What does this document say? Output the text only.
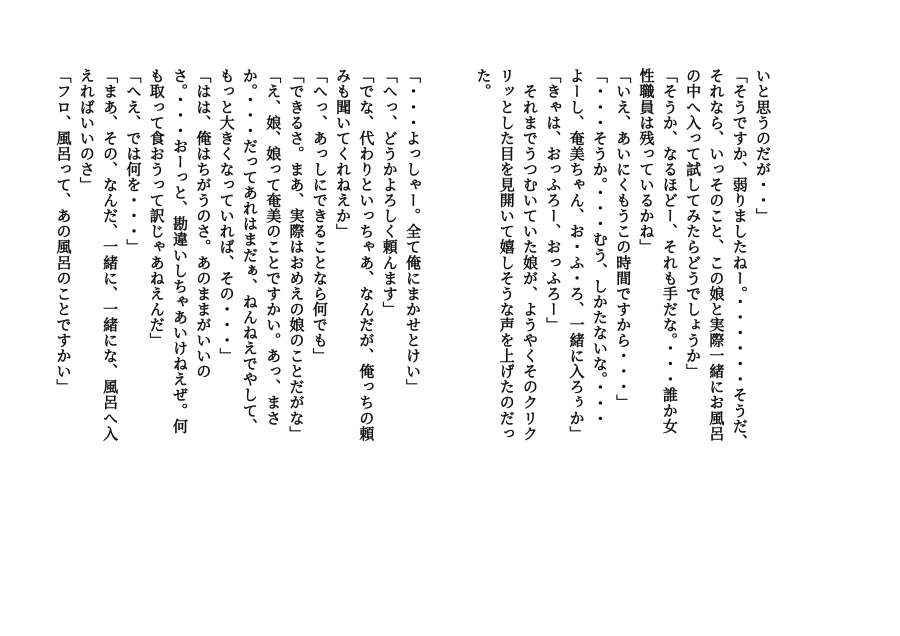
いと思うのだが・・」
「そうですか、弱りましたねー。・・・・・・そうだ、
それなら、いっそのこと、この娘と実際一緒にお風呂
の中へ入って試してみたらどうでしょうか」
「そうか、なるほどー、それも手だな。・・・誰か女
性職員は残っているかね」
「いえ、あいにくもうこの時間ですから・・・」
「・・・そうか。・・・むう、しかたないな。・・・
よーし、奄美ちゃん、お・ふ・ろ、一緒に入ろぅか」
「きゃは、おっふろー、おっふろー」
　それまでうつむいていた娘が、ようやくそのクリク
リッとした目を見開いて嬉しそうな声を上げたのだっ
た。
「・・・よっしゃー。全て俺にまかせとけい」
「へっ、どうかよろしく頼んます」
「でな、代わりといっちゃあ、なんだが、俺っちの頼
みも聞いてくれねえか」
「へっ、あっしにできることなら何でも」
「できるさ。まあ、実際はおめえの娘のことだがな」
「え、娘、娘って奄美のことですかい。あっ、まさ
か。・・・だってあれはまだぁ、ねんねえでやして、
もっと大きくなっていれば、その・・・」
「はは、俺はちがうのさ。あのままがいいの
さ。・・・おーっと、勘違いしちゃあいけねえぜ。何
も取って食おうって訳じゃあねえんだ」
「へえ、では何を・・・」
「まあ、その、なんだ、一緒に、一緒にな、風呂へ入
えればいいのさ」
「フロ、風呂って、あの風呂のことですかい」
